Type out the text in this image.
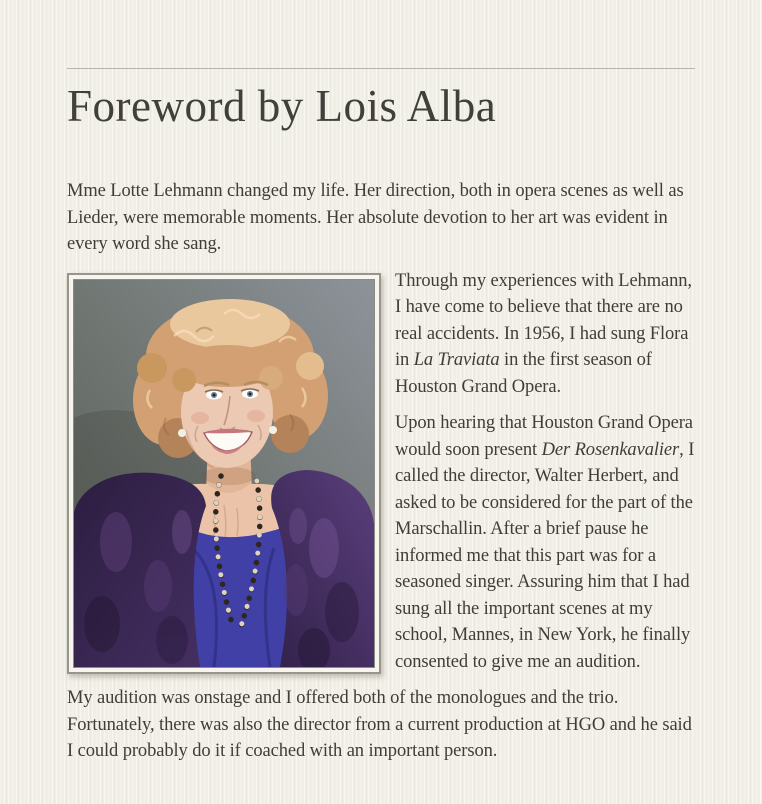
Foreword by Lois Alba

Mme Lotte Lehmann changed my life. Her direction, both in opera scenes as well as Lieder, were memorable moments. Her absolute devotion to her art was evident in every word she sang.

Through my experiences with Lehmann, I have come to believe that there are no real accidents. In 1956, I had sung Flora in La Traviata in the first season of Houston Grand Opera.

Upon hearing that Houston Grand Opera would soon present Der Rosenkavalier, I called the director, Walter Herbert, and asked to be considered for the part of the Marschallin. After a brief pause he informed me that this part was for a seasoned singer. Assuring him that I had sung all the important scenes at my school, Mannes, in New York, he finally consented to give me an audition.

My audition was onstage and I offered both of the monologues and the trio. Fortunately, there was also the director from a current production at HGO and he said I could probably do it if coached with an important person.
